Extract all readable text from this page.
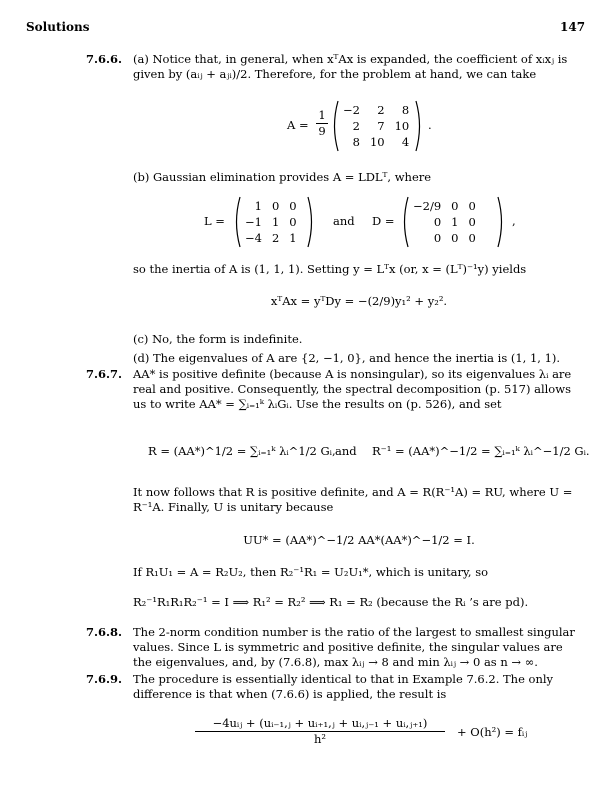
Solutions	147
7.6.6. (a) Notice that, in general, when xᵀAx is expanded, the coefficient of xᵢxⱼ is given by (aᵢⱼ + aⱼᵢ)/2. Therefore, for the problem at hand, we can take
$A = \frac{1}{9} -2$	2	8
2	7	10
8	10	4
.
(b) Gaussian elimination provides A = LDLᵀ, where
L =
1	0	0
−1	1	0
−4	2	1
and D =
−2/9	0	0
0	1	0
0	0	0
,
so the inertia of A is (1, 1, 1). Setting y = Lᵀx (or, x = (Lᵀ)⁻¹y) yields
xᵀAx = yᵀDy = −(2/9)y₁² + y₂².
(c) No, the form is indefinite.
(d) The eigenvalues of A are {2, −1, 0}, and hence the inertia is (1, 1, 1).
7.6.7. AA* is positive definite (because A is nonsingular), so its eigenvalues λᵢ are real and positive. Consequently, the spectral decomposition (p. 517) allows us to write AA* = ∑ᵢ₌₁ᵏ λᵢGᵢ. Use the results on (p. 526), and set
R = (AA*)^1/2 = ∑ᵢ₌₁ᵏ λᵢ^1/2 Gᵢ, and R⁻¹ = (AA*)^−1/2 = ∑ᵢ₌₁ᵏ λᵢ^−1/2 Gᵢ.
It now follows that R is positive definite, and A = R(R⁻¹A) = RU, where U = R⁻¹A. Finally, U is unitary because
UU* = (AA*)^−1/2 AA*(AA*)^−1/2 = I.
If R₁U₁ = A = R₂U₂, then R₂⁻¹R₁ = U₂U₁*, which is unitary, so
R₂⁻¹R₁R₁R₂⁻¹ = I ⟹ R₁² = R₂² ⟹ R₁ = R₂ (because the Rᵢ ’s are pd).
7.6.8. The 2-norm condition number is the ratio of the largest to smallest singular values. Since L is symmetric and positive definite, the singular values are the eigenvalues, and, by (7.6.8), max λᵢⱼ → 8 and min λᵢⱼ → 0 as n → ∞.
7.6.9. The procedure is essentially identical to that in Example 7.6.2. The only difference is that when (7.6.6) is applied, the result is
−4uᵢⱼ + (uᵢ₋₁,ⱼ + uᵢ₊₁,ⱼ + uᵢ,ⱼ₋₁ + uᵢ,ⱼ₊₁)
h²	+ O(h²) = fᵢⱼ
